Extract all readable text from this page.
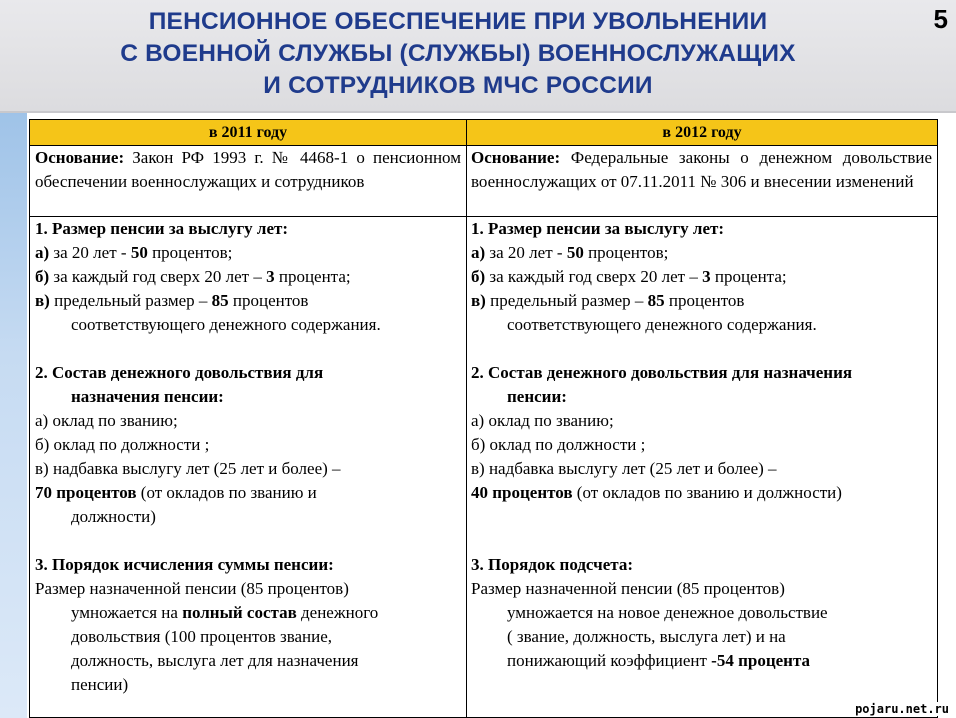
ПЕНСИОННОЕ ОБЕСПЕЧЕНИЕ ПРИ УВОЛЬНЕНИИ
С ВОЕННОЙ СЛУЖБЫ (СЛУЖБЫ) ВОЕННОСЛУЖАЩИХ
И СОТРУДНИКОВ МЧС РОССИИ
5
в 2011 году	в 2012 году
Основание: Закон РФ 1993 г. № 4468-1 о пенсионном обеспечении военнослужащих и сотрудников
Основание: Федеральные законы о денежном довольствие военнослужащих от 07.11.2011 № 306 и внесении изменений

1. Размер пенсии за выслугу лет:

а) за 20 лет - 50 процентов;

б) за каждый год сверх 20 лет – 3 процента;

в) предельный размер – 85 процентов

соответствующего денежного содержания.

2. Состав денежного довольствия для

назначения пенсии:

а) оклад по званию;

б) оклад по должности ;

в) надбавка выслугу лет (25 лет и более) –

70 процентов (от окладов по званию и

должности)

3. Порядок исчисления суммы пенсии:

Размер назначенной пенсии (85 процентов)

умножается на полный состав денежного

довольствия (100 процентов звание,

должность, выслуга лет для назначения

пенсии)

1. Размер пенсии за выслугу лет:

а) за 20 лет - 50 процентов;

б) за каждый год сверх 20 лет – 3 процента;

в) предельный размер – 85 процентов

соответствующего денежного содержания.

2. Состав денежного довольствия для назначения

пенсии:

а) оклад по званию;

б) оклад по должности ;

в) надбавка выслугу лет (25 лет и более) –

40 процентов (от окладов по званию и должности)

3. Порядок подсчета:

Размер назначенной пенсии (85 процентов)

умножается на новое денежное довольствие

( звание, должность, выслуга лет) и на

понижающий коэффициент -54 процента

pojaru.net.ru
